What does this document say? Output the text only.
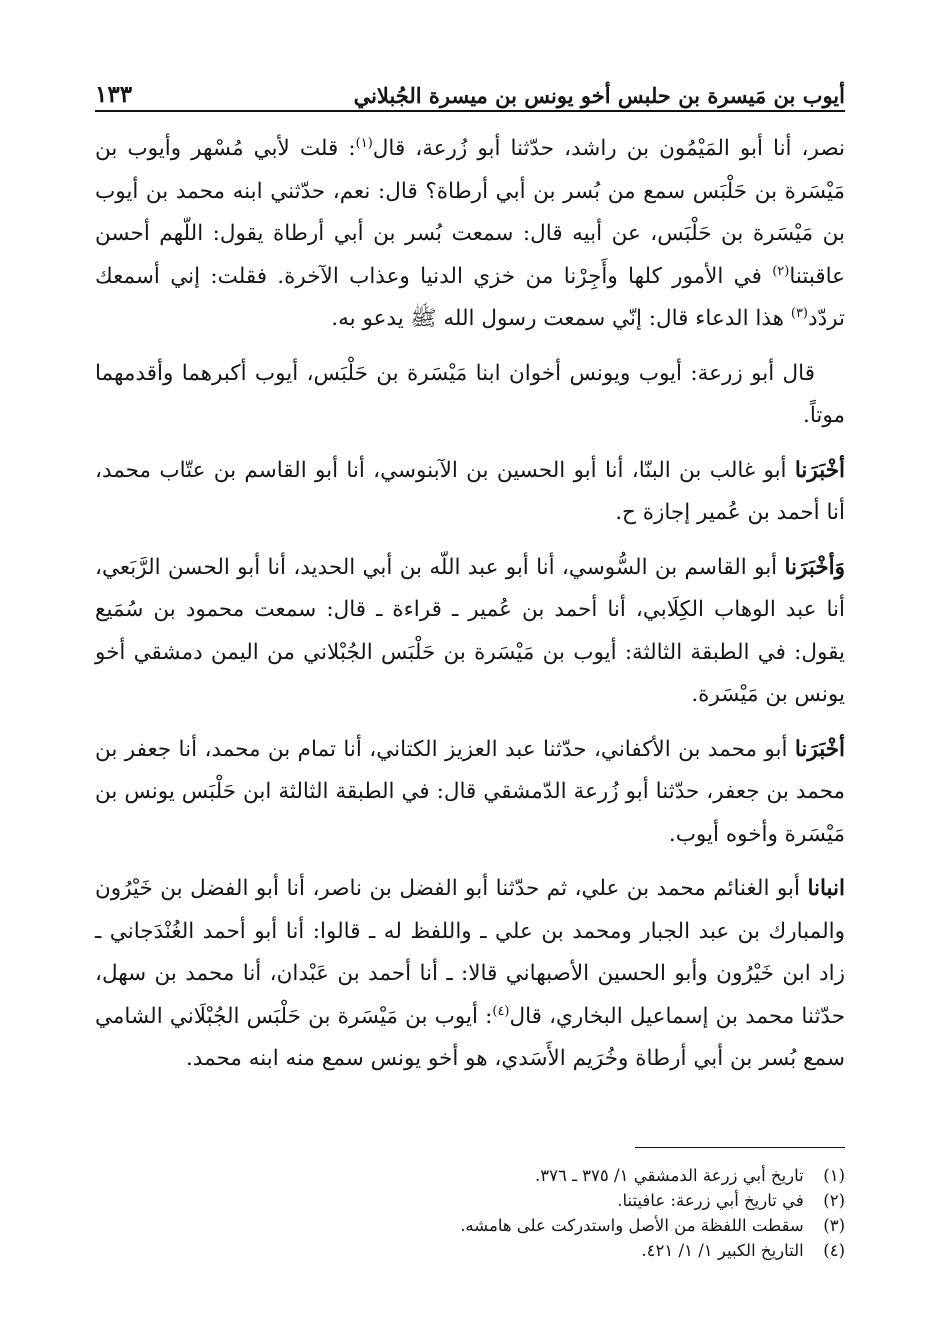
أيوب بن مَيسرة بن حلبس أخو يونس بن ميسرة الجُبلاني
١٣٣

نصر، أنا أبو المَيْمُون بن راشد، حدّثنا أبو زُرعة، قال$^{(١)}$: قلت لأبي مُسْهر وأيوب بن مَيْسَرة بن حَلْبَس سمع من بُسر بن أبي أرطاة؟ قال: نعم، حدّثني ابنه محمد بن أيوب بن مَيْسَرة بن حَلْبَس، عن أبيه قال: سمعت بُسر بن أبي أرطاة يقول: اللّهم أحسن عاقبتنا$^{(٢)}$ في الأمور كلها وأَجِرْنا من خزي الدنيا وعذاب الآخرة. فقلت: إني أسمعك تردّد$^{(٣)}$ هذا الدعاء قال: إنّي سمعت رسول الله ﷺ يدعو به.

قال أبو زرعة: أيوب ويونس أخوان ابنا مَيْسَرة بن حَلْبَس، أيوب أكبرهما وأقدمهما موتاً.

أخْبَرَنا أبو غالب بن البنّا، أنا أبو الحسين بن الآبنوسي، أنا أبو القاسم بن عتّاب محمد، أنا أحمد بن عُمير إجازة ح.

وَأخْبَرَنا أبو القاسم بن السُّوسي، أنا أبو عبد اللّه بن أبي الحديد، أنا أبو الحسن الرَّبَعي، أنا عبد الوهاب الكِلَابي، أنا أحمد بن عُمير ـ قراءة ـ قال: سمعت محمود بن سُمَيع يقول: في الطبقة الثالثة: أيوب بن مَيْسَرة بن حَلْبَس الجُبْلاني من اليمن دمشقي أخو يونس بن مَيْسَرة.

أخْبَرَنا أبو محمد بن الأكفاني، حدّثنا عبد العزيز الكتاني، أنا تمام بن محمد، أنا جعفر بن محمد بن جعفر، حدّثنا أبو زُرعة الدّمشقي قال: في الطبقة الثالثة ابن حَلْبَس يونس بن مَيْسَرة وأخوه أيوب.

انبانا أبو الغنائم محمد بن علي، ثم حدّثنا أبو الفضل بن ناصر، أنا أبو الفضل بن خَيْرُون والمبارك بن عبد الجبار ومحمد بن علي ـ واللفظ له ـ قالوا: أنا أبو أحمد الغُنْدَجاني ـ زاد ابن خَيْرُون وأبو الحسين الأصبهاني قالا: ـ أنا أحمد بن عَبْدان، أنا محمد بن سهل، حدّثنا محمد بن إسماعيل البخاري، قال$^{(٤)}$: أيوب بن مَيْسَرة بن حَلْبَس الجُبْلَاني الشامي سمع بُسر بن أبي أرطاة وخُرَيم الأَسَدي، هو أخو يونس سمع منه ابنه محمد.

(١) تاريخ أبي زرعة الدمشقي ١/ ٣٧٥ ـ ٣٧٦.
(٢) في تاريخ أبي زرعة: عافيتنا.
(٣) سقطت اللفظة من الأصل واستدركت على هامشه.
(٤) التاريخ الكبير ١/ ١/ ٤٢١.
